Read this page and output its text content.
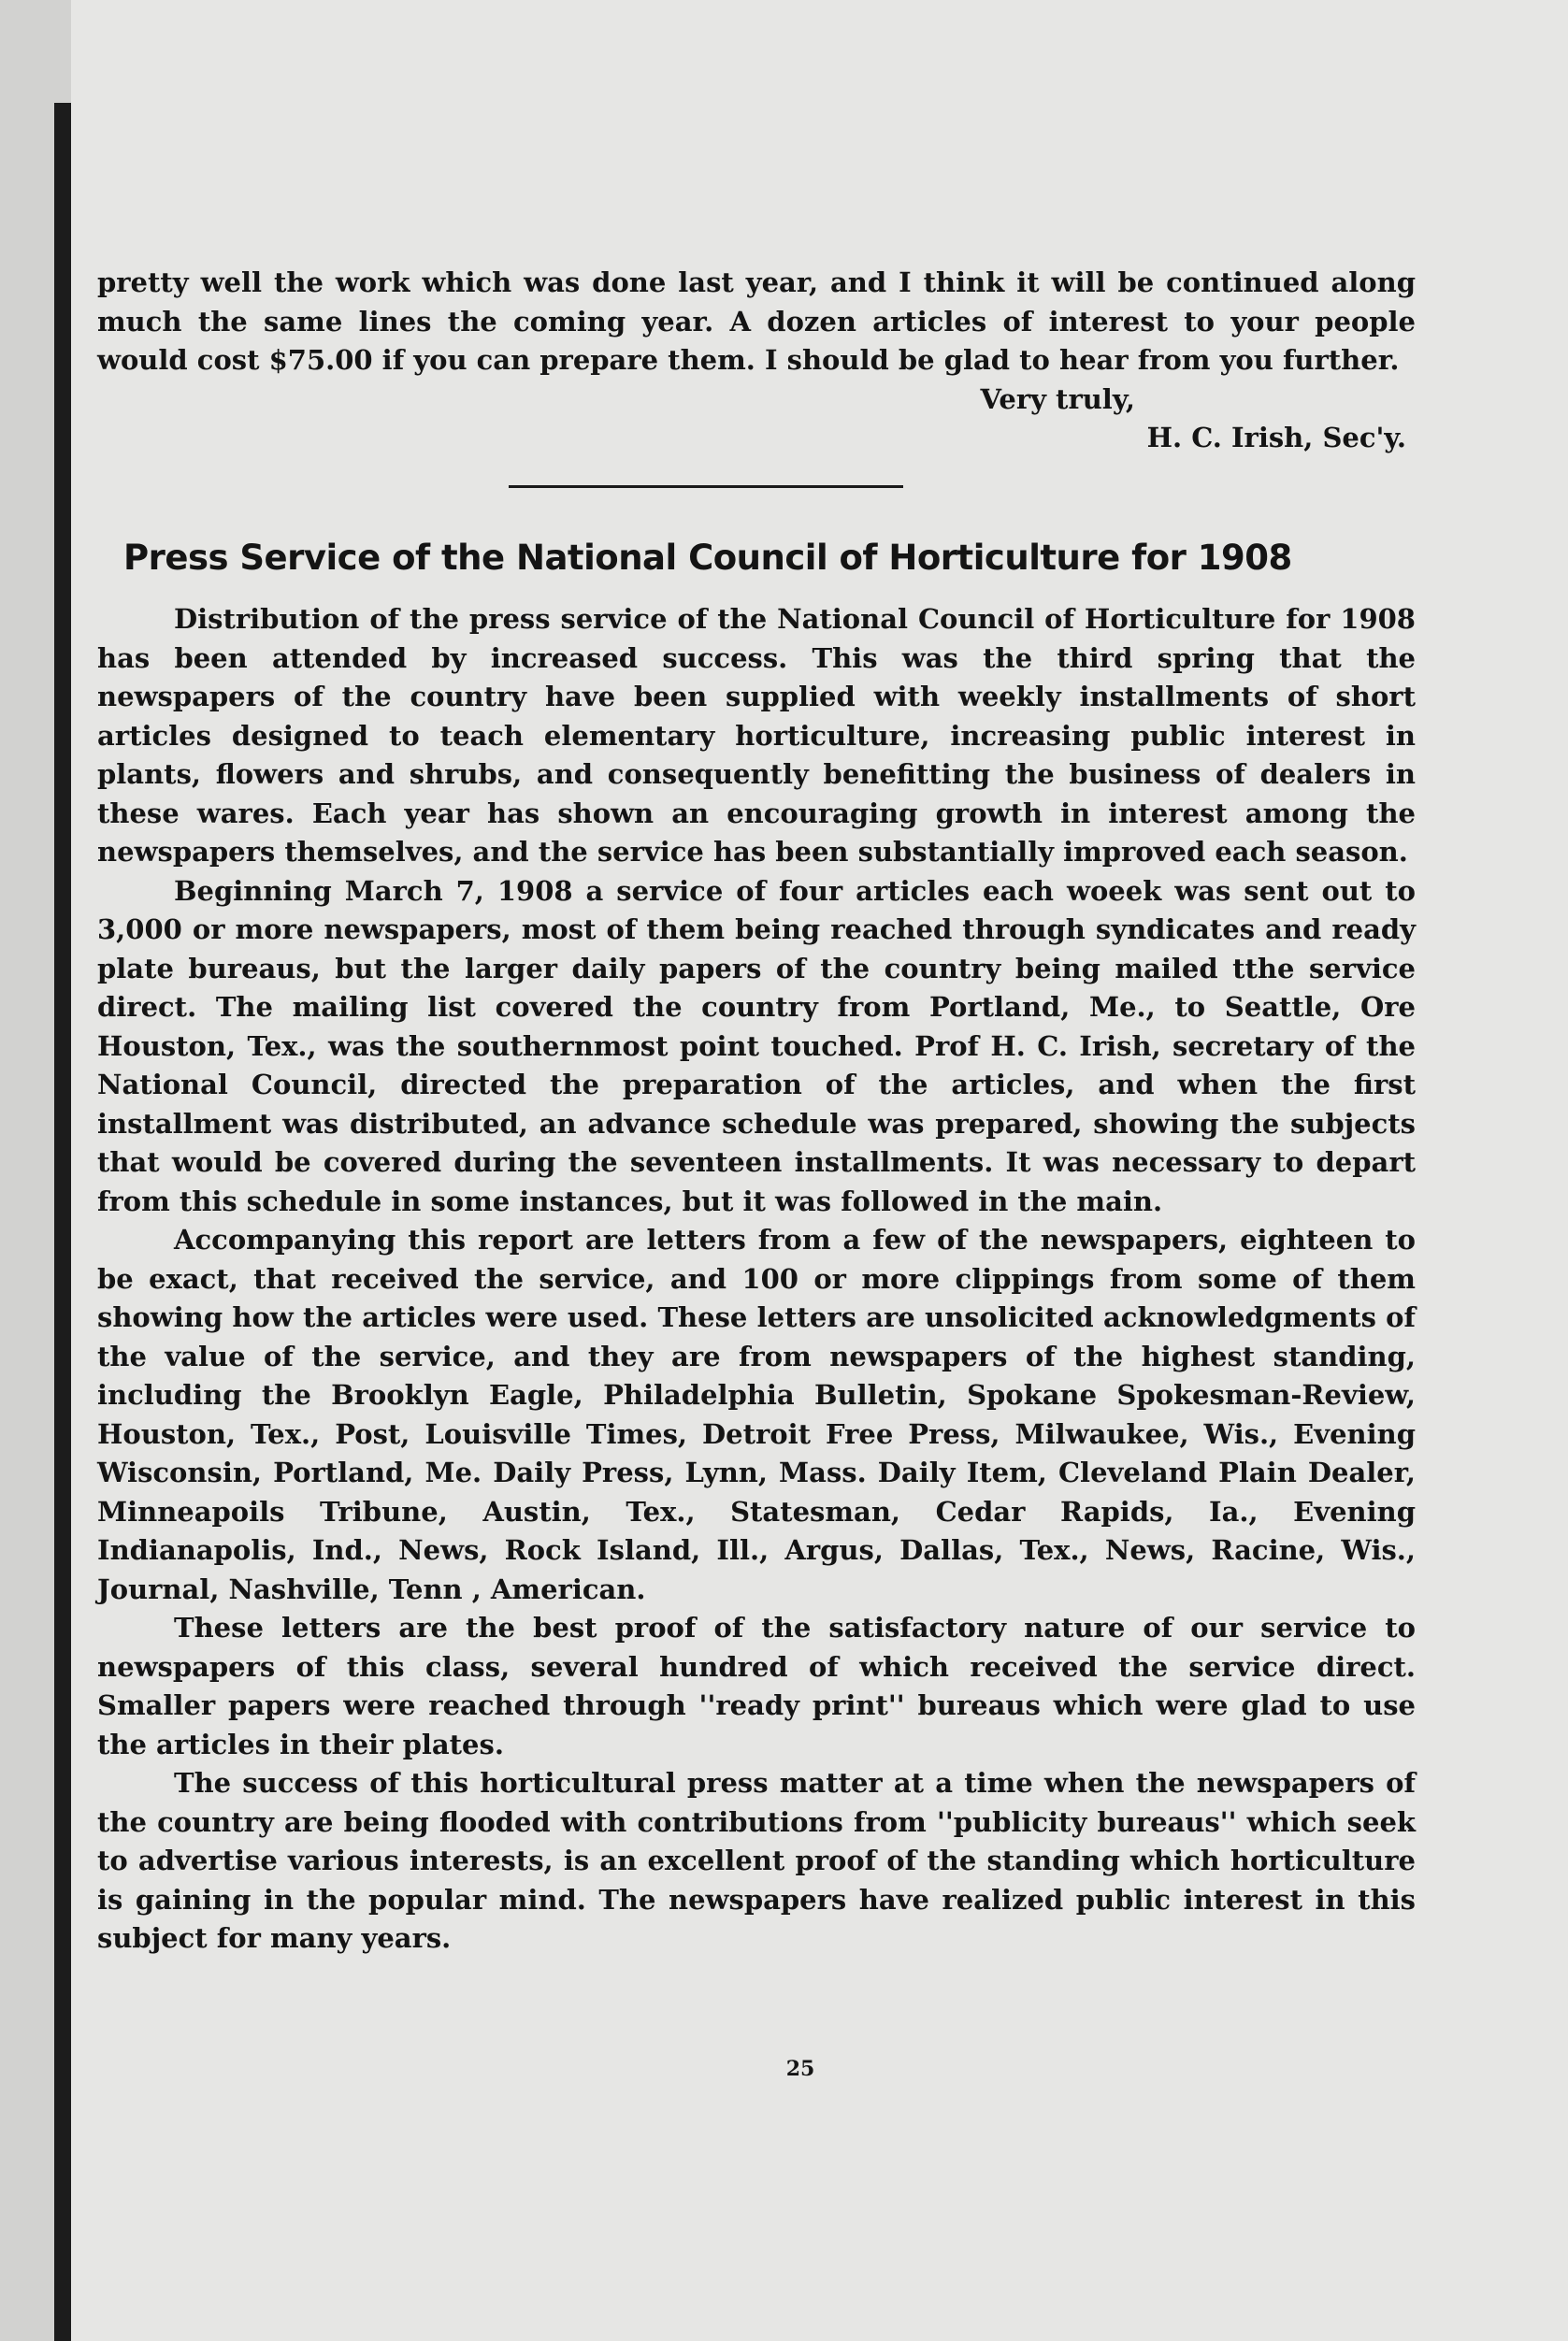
pretty well the work which was done last year, and I think it will be continued along much the same lines the coming year. A dozen articles of interest to your people would cost $75.00 if you can prepare them. I should be glad to hear from you further.

Very truly,
H. C. Irish, Sec'y.
Press Service of the National Council of Horticulture for 1908

Distribution of the press service of the National Council of Horticulture for 1908 has been attended by increased success. This was the third spring that the newspapers of the country have been supplied with weekly installments of short articles designed to teach elementary horticulture, increasing public interest in plants, flowers and shrubs, and consequently benefitting the business of dealers in these wares. Each year has shown an encouraging growth in interest among the newspapers themselves, and the service has been substantially improved each season.

Beginning March 7, 1908 a service of four articles each woeek was sent out to 3,000 or more newspapers, most of them being reached through syndicates and ready plate bureaus, but the larger daily papers of the country being mailed tthe service direct. The mailing list covered the country from Portland, Me., to Seattle, Ore Houston, Tex., was the southernmost point touched. Prof H. C. Irish, secretary of the National Council, directed the preparation of the articles, and when the first installment was distributed, an advance schedule was prepared, showing the subjects that would be covered during the seventeen installments. It was necessary to depart from this schedule in some instances, but it was followed in the main.

Accompanying this report are letters from a few of the newspapers, eighteen to be exact, that received the service, and 100 or more clippings from some of them showing how the articles were used. These letters are unsolicited acknowledgments of the value of the service, and they are from newspapers of the highest standing, including the Brooklyn Eagle, Philadelphia Bulletin, Spokane Spokesman-Review, Houston, Tex., Post, Louisville Times, Detroit Free Press, Milwaukee, Wis., Evening Wisconsin, Portland, Me. Daily Press, Lynn, Mass. Daily Item, Cleveland Plain Dealer, Minneapoils Tribune, Austin, Tex., Statesman, Cedar Rapids, Ia., Evening Indianapolis, Ind., News, Rock Island, Ill., Argus, Dallas, Tex., News, Racine, Wis., Journal, Nashville, Tenn , American.

These letters are the best proof of the satisfactory nature of our service to newspapers of this class, several hundred of which received the service direct. Smaller papers were reached through ''ready print'' bureaus which were glad to use the articles in their plates.

The success of this horticultural press matter at a time when the newspapers of the country are being flooded with contributions from ''publicity bureaus'' which seek to advertise various interests, is an excellent proof of the standing which horticulture is gaining in the popular mind. The newspapers have realized public interest in this subject for many years.

25
